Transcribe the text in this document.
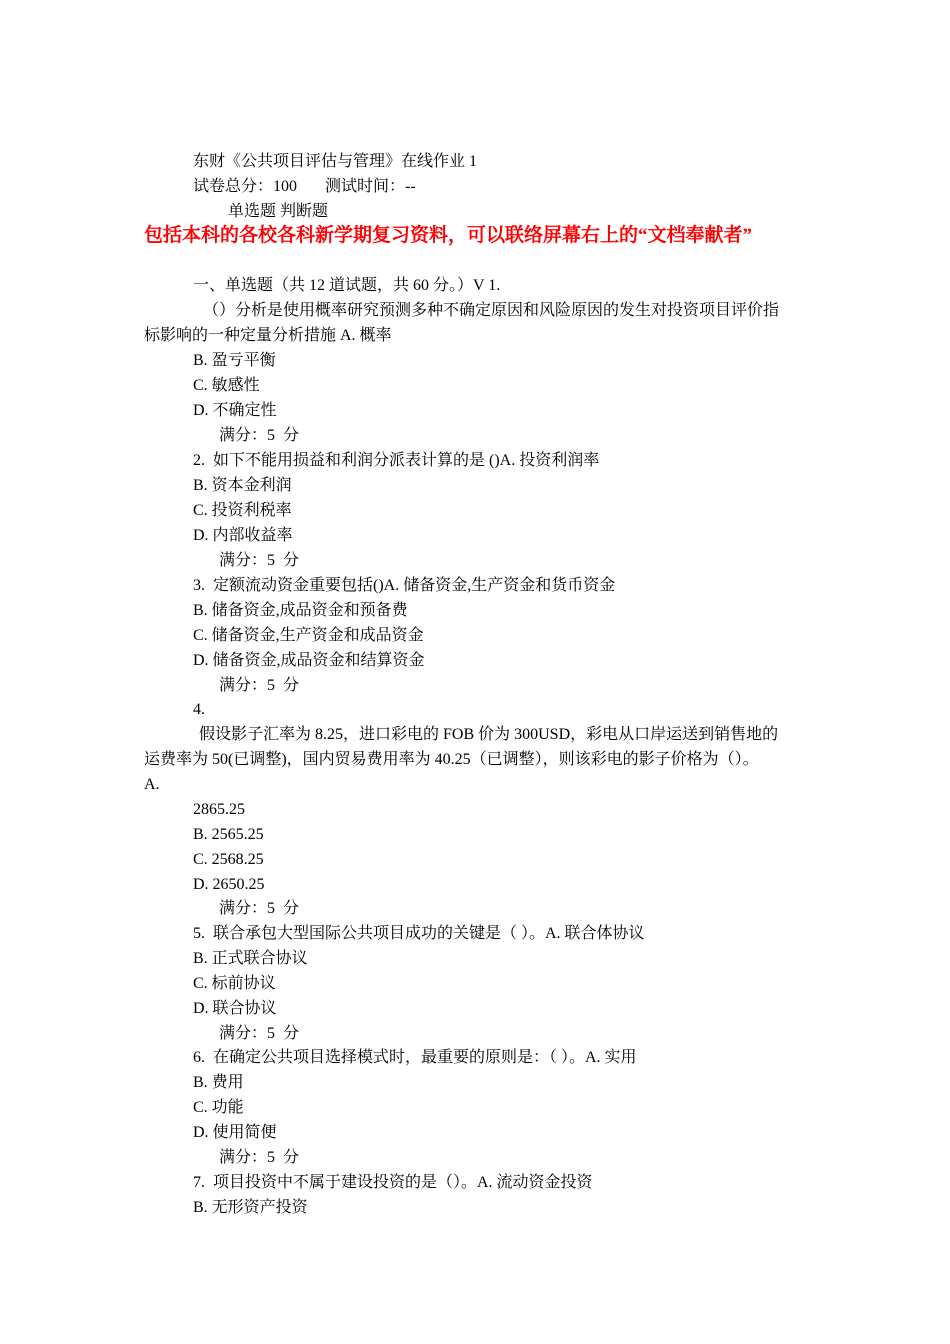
东财《公共项目评估与管理》在线作业 1
试卷总分：100       测试时间：--
单选题 判断题
包括本科的各校各科新学期复习资料，可以联络屏幕右上的“文档奉献者”
一、单选题（共 12 道试题，共 60 分。）V 1.
（）分析是使用概率研究预测多种不确定原因和风险原因的发生对投资项目评价指
标影响的一种定量分析措施 A. 概率
B. 盈亏平衡
C. 敏感性
D. 不确定性
满分：5  分
2.  如下不能用损益和利润分派表计算的是 ()A. 投资利润率
B. 资本金利润
C. 投资利税率
D. 内部收益率
满分：5  分
3.  定额流动资金重要包括()A. 储备资金,生产资金和货币资金
B. 储备资金,成品资金和预备费
C. 储备资金,生产资金和成品资金
D. 储备资金,成品资金和结算资金
满分：5  分
4.
假设影子汇率为 8.25，进口彩电的 FOB 价为 300USD，彩电从口岸运送到销售地的
运费率为 50(已调整)，国内贸易费用率为 40.25（已调整），则该彩电的影子价格为（）。
A.
2865.25
B. 2565.25
C. 2568.25
D. 2650.25
满分：5  分
5.  联合承包大型国际公共项目成功的关键是（ ）。A. 联合体协议
B. 正式联合协议
C. 标前协议
D. 联合协议
满分：5  分
6.  在确定公共项目选择模式时，最重要的原则是：（ ）。A. 实用
B. 费用
C. 功能
D. 使用简便
满分：5  分
7.  项目投资中不属于建设投资的是（）。A. 流动资金投资
B. 无形资产投资
